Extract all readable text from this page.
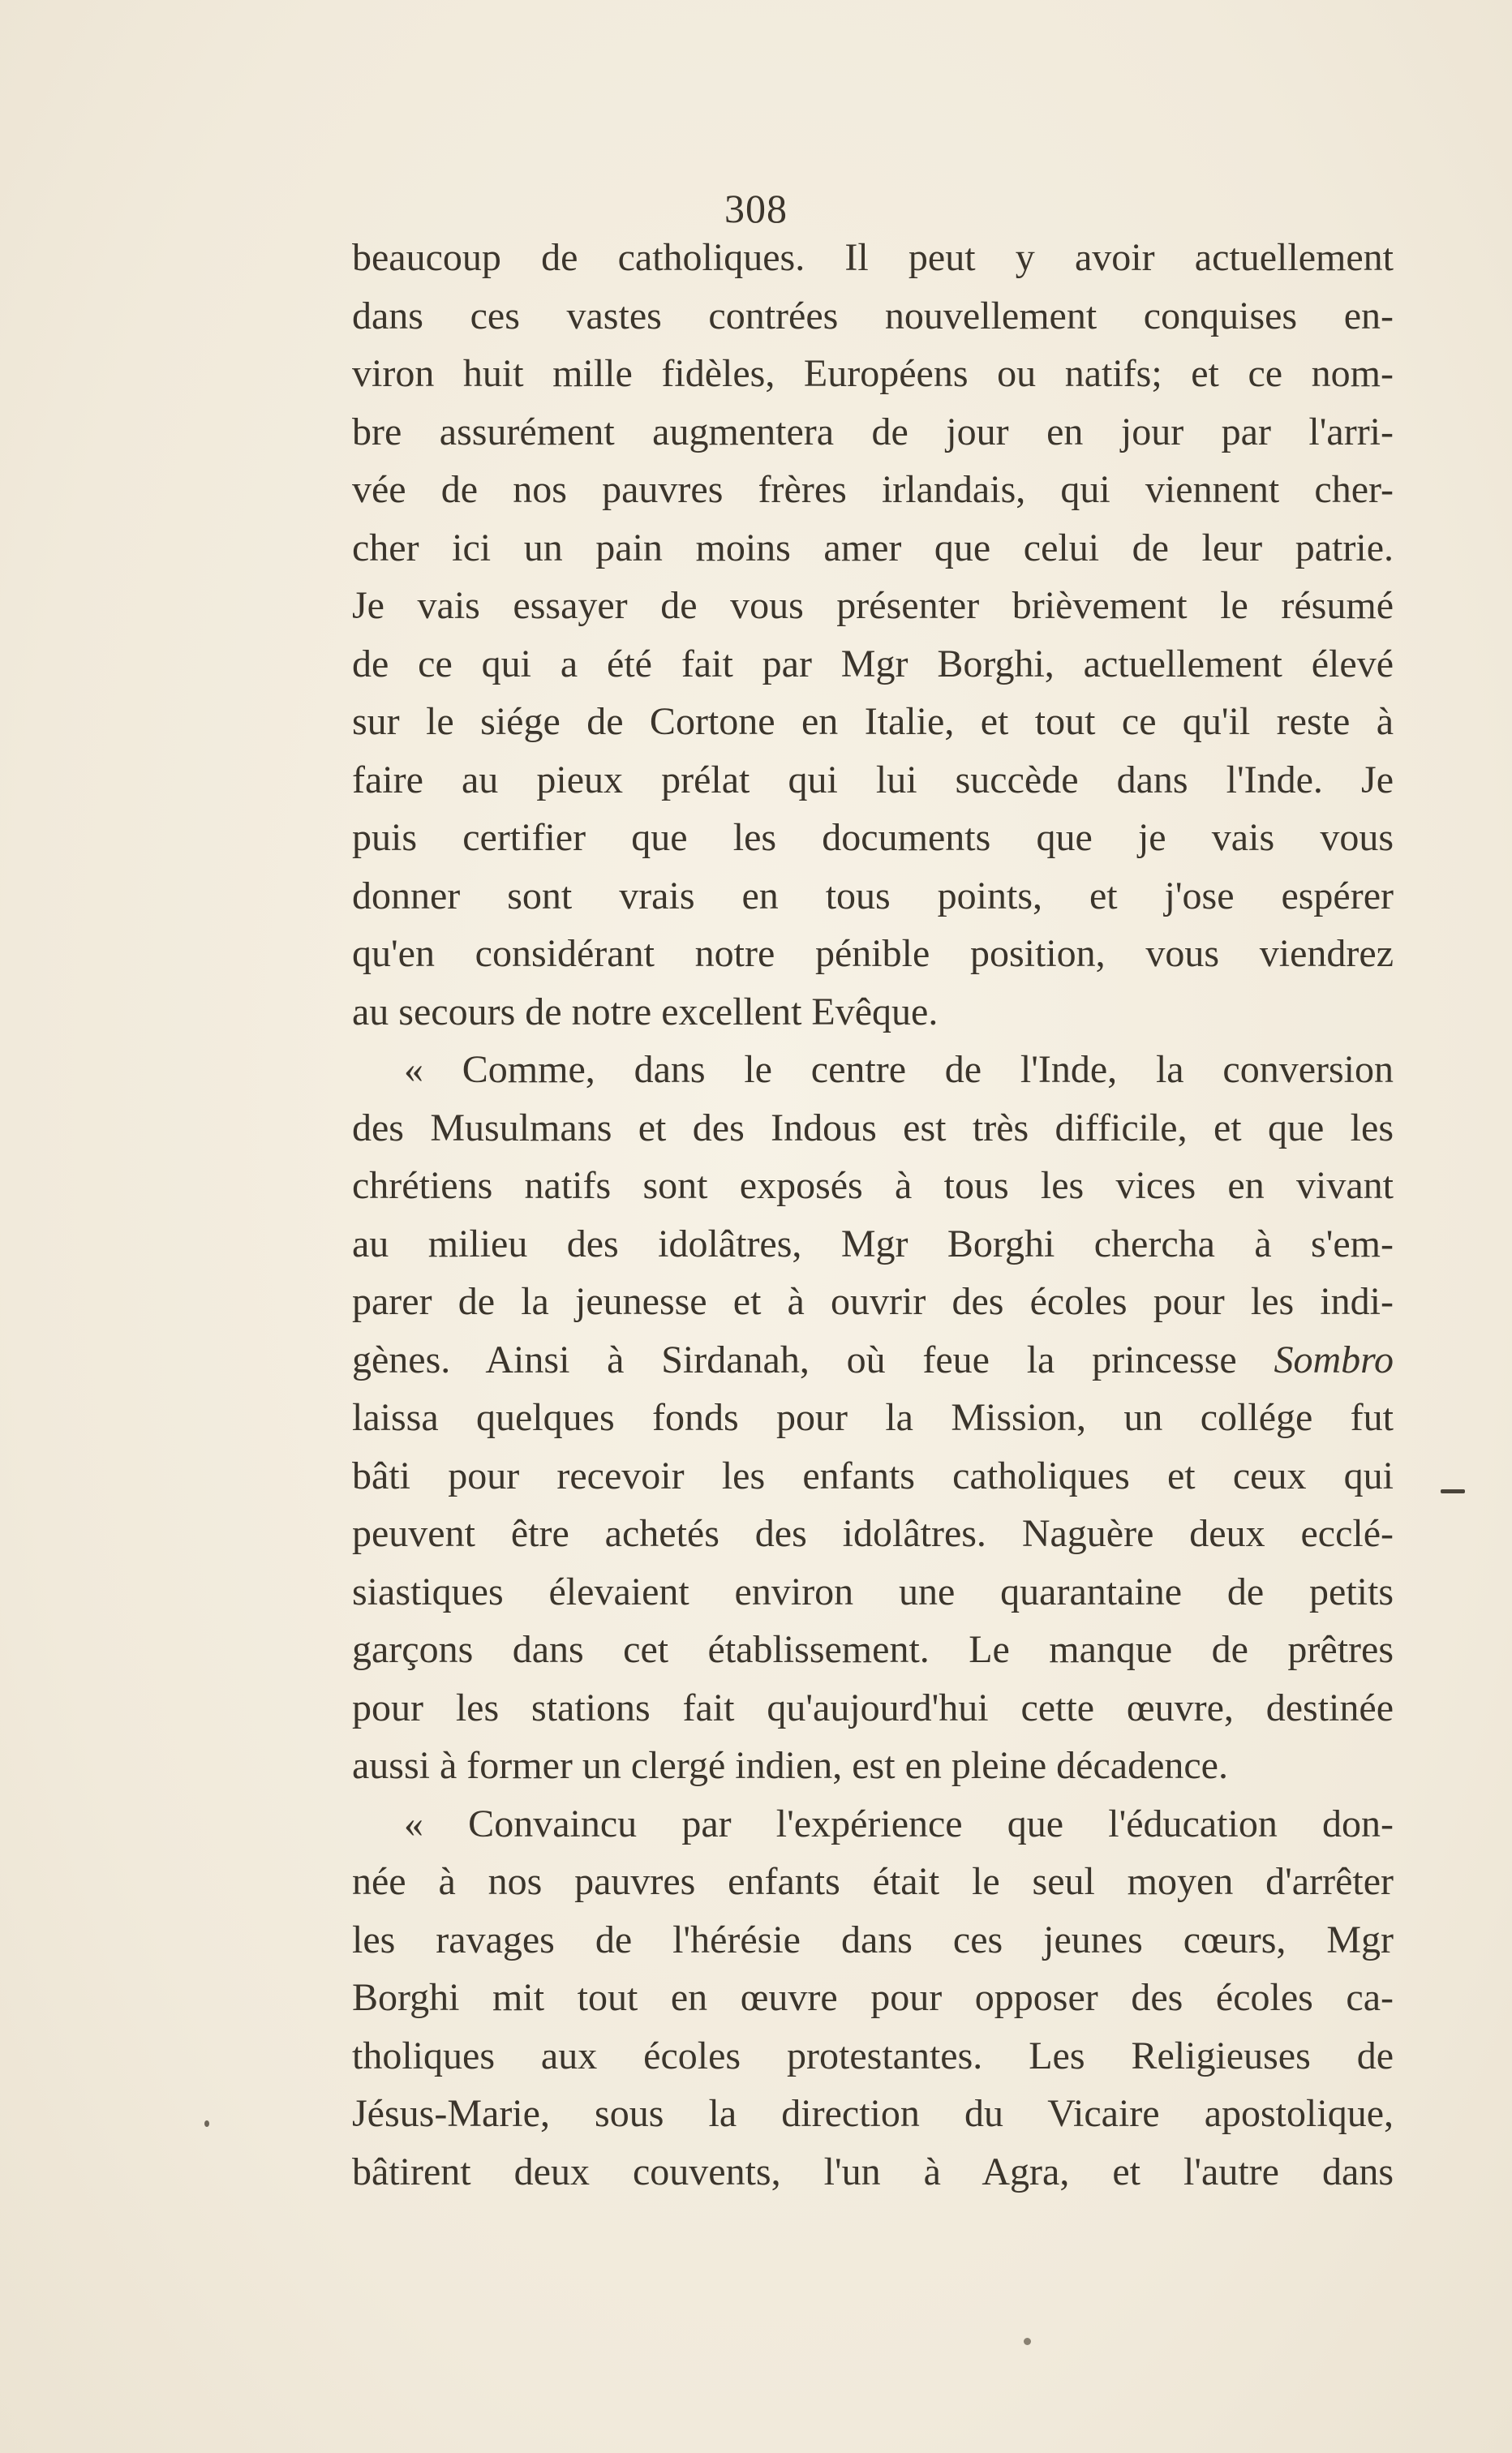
308
beaucoup de catholiques. Il peut y avoir actuellement
dans ces vastes contrées nouvellement conquises en-
viron huit mille fidèles, Européens ou natifs; et ce nom-
bre assurément augmentera de jour en jour par l'arri-
vée de nos pauvres frères irlandais, qui viennent cher-
cher ici un pain moins amer que celui de leur patrie.
Je vais essayer de vous présenter brièvement le résumé
de ce qui a été fait par Mgr Borghi, actuellement élevé
sur le siége de Cortone en Italie, et tout ce qu'il reste à
faire au pieux prélat qui lui succède dans l'Inde. Je
puis certifier que les documents que je vais vous
donner sont vrais en tous points, et j'ose espérer
qu'en considérant notre pénible position, vous viendrez
au secours de notre excellent Evêque.
« Comme, dans le centre de l'Inde, la conversion
des Musulmans et des Indous est très difficile, et que les
chrétiens natifs sont exposés à tous les vices en vivant
au milieu des idolâtres, Mgr Borghi chercha à s'em-
parer de la jeunesse et à ouvrir des écoles pour les indi-
gènes. Ainsi à Sirdanah, où feue la princesse Sombro
laissa quelques fonds pour la Mission, un collége fut
bâti pour recevoir les enfants catholiques et ceux qui
peuvent être achetés des idolâtres. Naguère deux ecclé-
siastiques élevaient environ une quarantaine de petits
garçons dans cet établissement. Le manque de prêtres
pour les stations fait qu'aujourd'hui cette œuvre, destinée
aussi à former un clergé indien, est en pleine décadence.
« Convaincu par l'expérience que l'éducation don-
née à nos pauvres enfants était le seul moyen d'arrêter
les ravages de l'hérésie dans ces jeunes cœurs, Mgr
Borghi mit tout en œuvre pour opposer des écoles ca-
tholiques aux écoles protestantes. Les Religieuses de
Jésus-Marie, sous la direction du Vicaire apostolique,
bâtirent deux couvents, l'un à Agra, et l'autre dans
